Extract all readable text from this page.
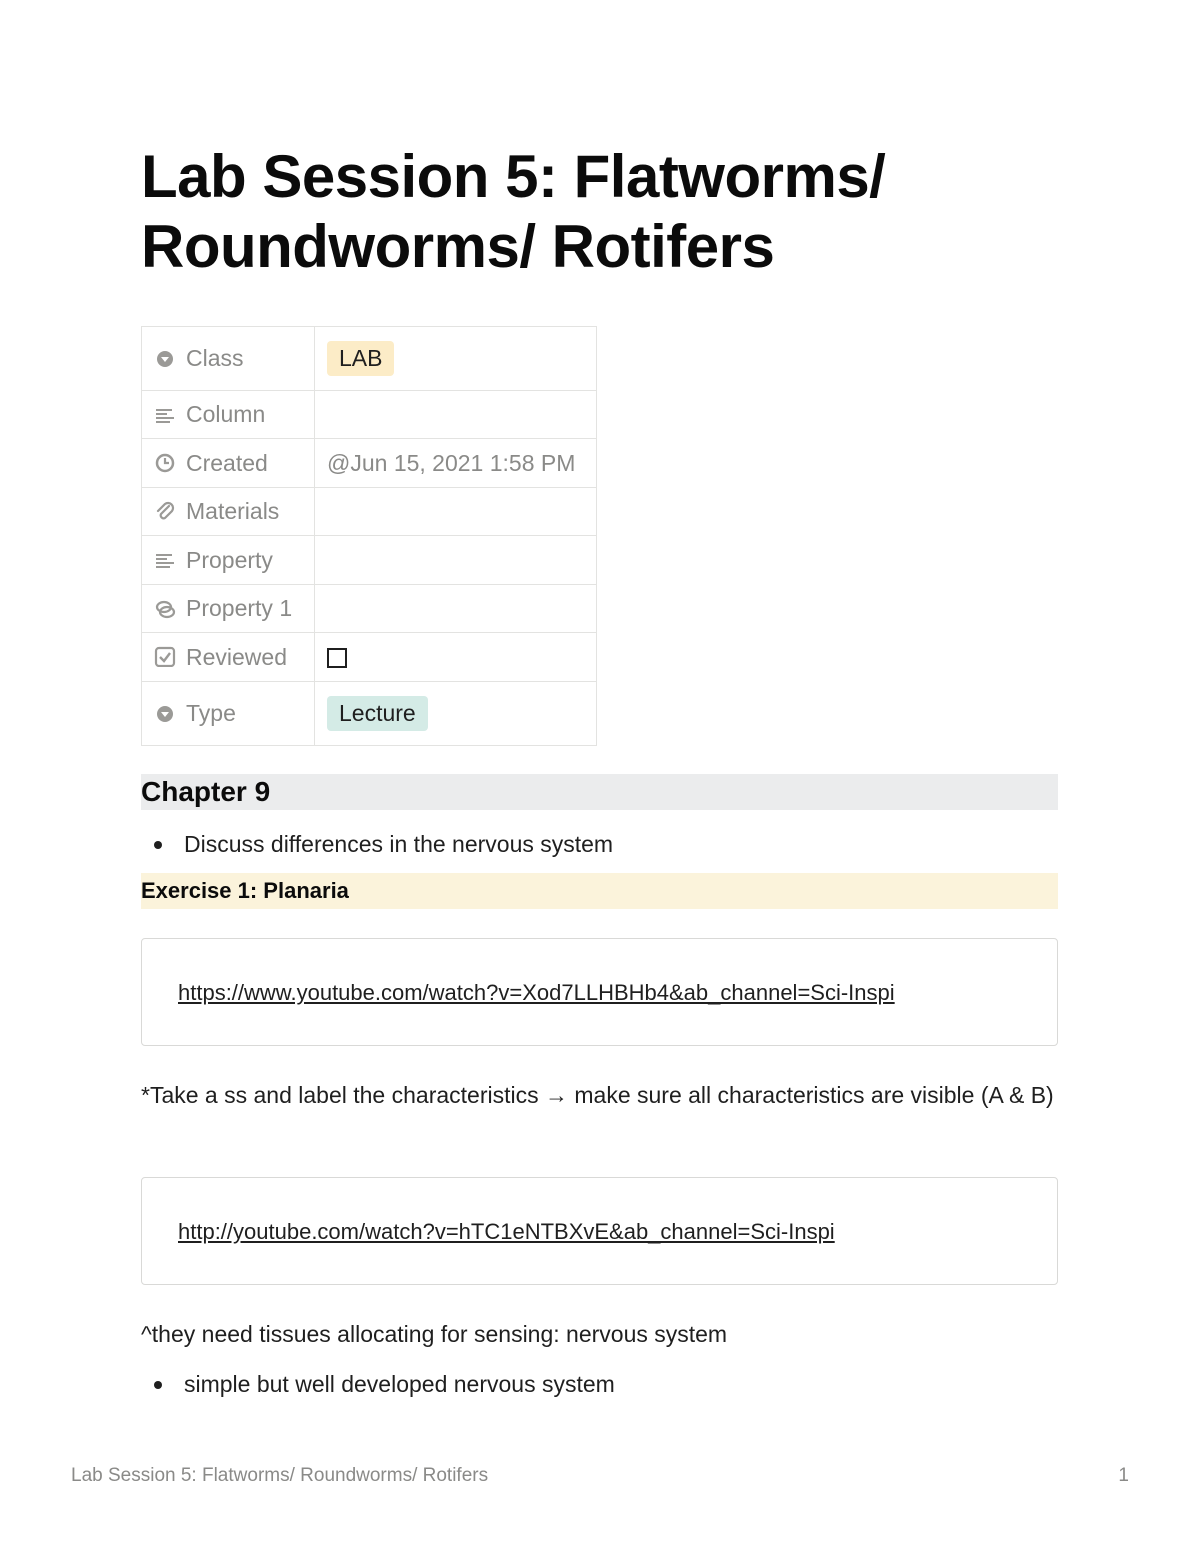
Lab Session 5: Flatworms/ Roundworms/ Rotifers
Class	LAB

Column	

Created	@Jun 15, 2021 1:58 PM

Materials	

Property	

Property 1	

Reviewed	

Type	Lecture
Chapter 9
Discuss differences in the nervous system
Exercise 1: Planaria
https://www.youtube.com/watch?v=Xod7LLHBHb4&ab_channel=Sci-Inspi

*Take a ss and label the characteristics → make sure all characteristics are visible (A & B)

http://youtube.com/watch?v=hTC1eNTBXvE&ab_channel=Sci-Inspi

^they need tissues allocating for sensing: nervous system

simple but well developed nervous system
Lab Session 5: Flatworms/ Roundworms/ Rotifers	1
